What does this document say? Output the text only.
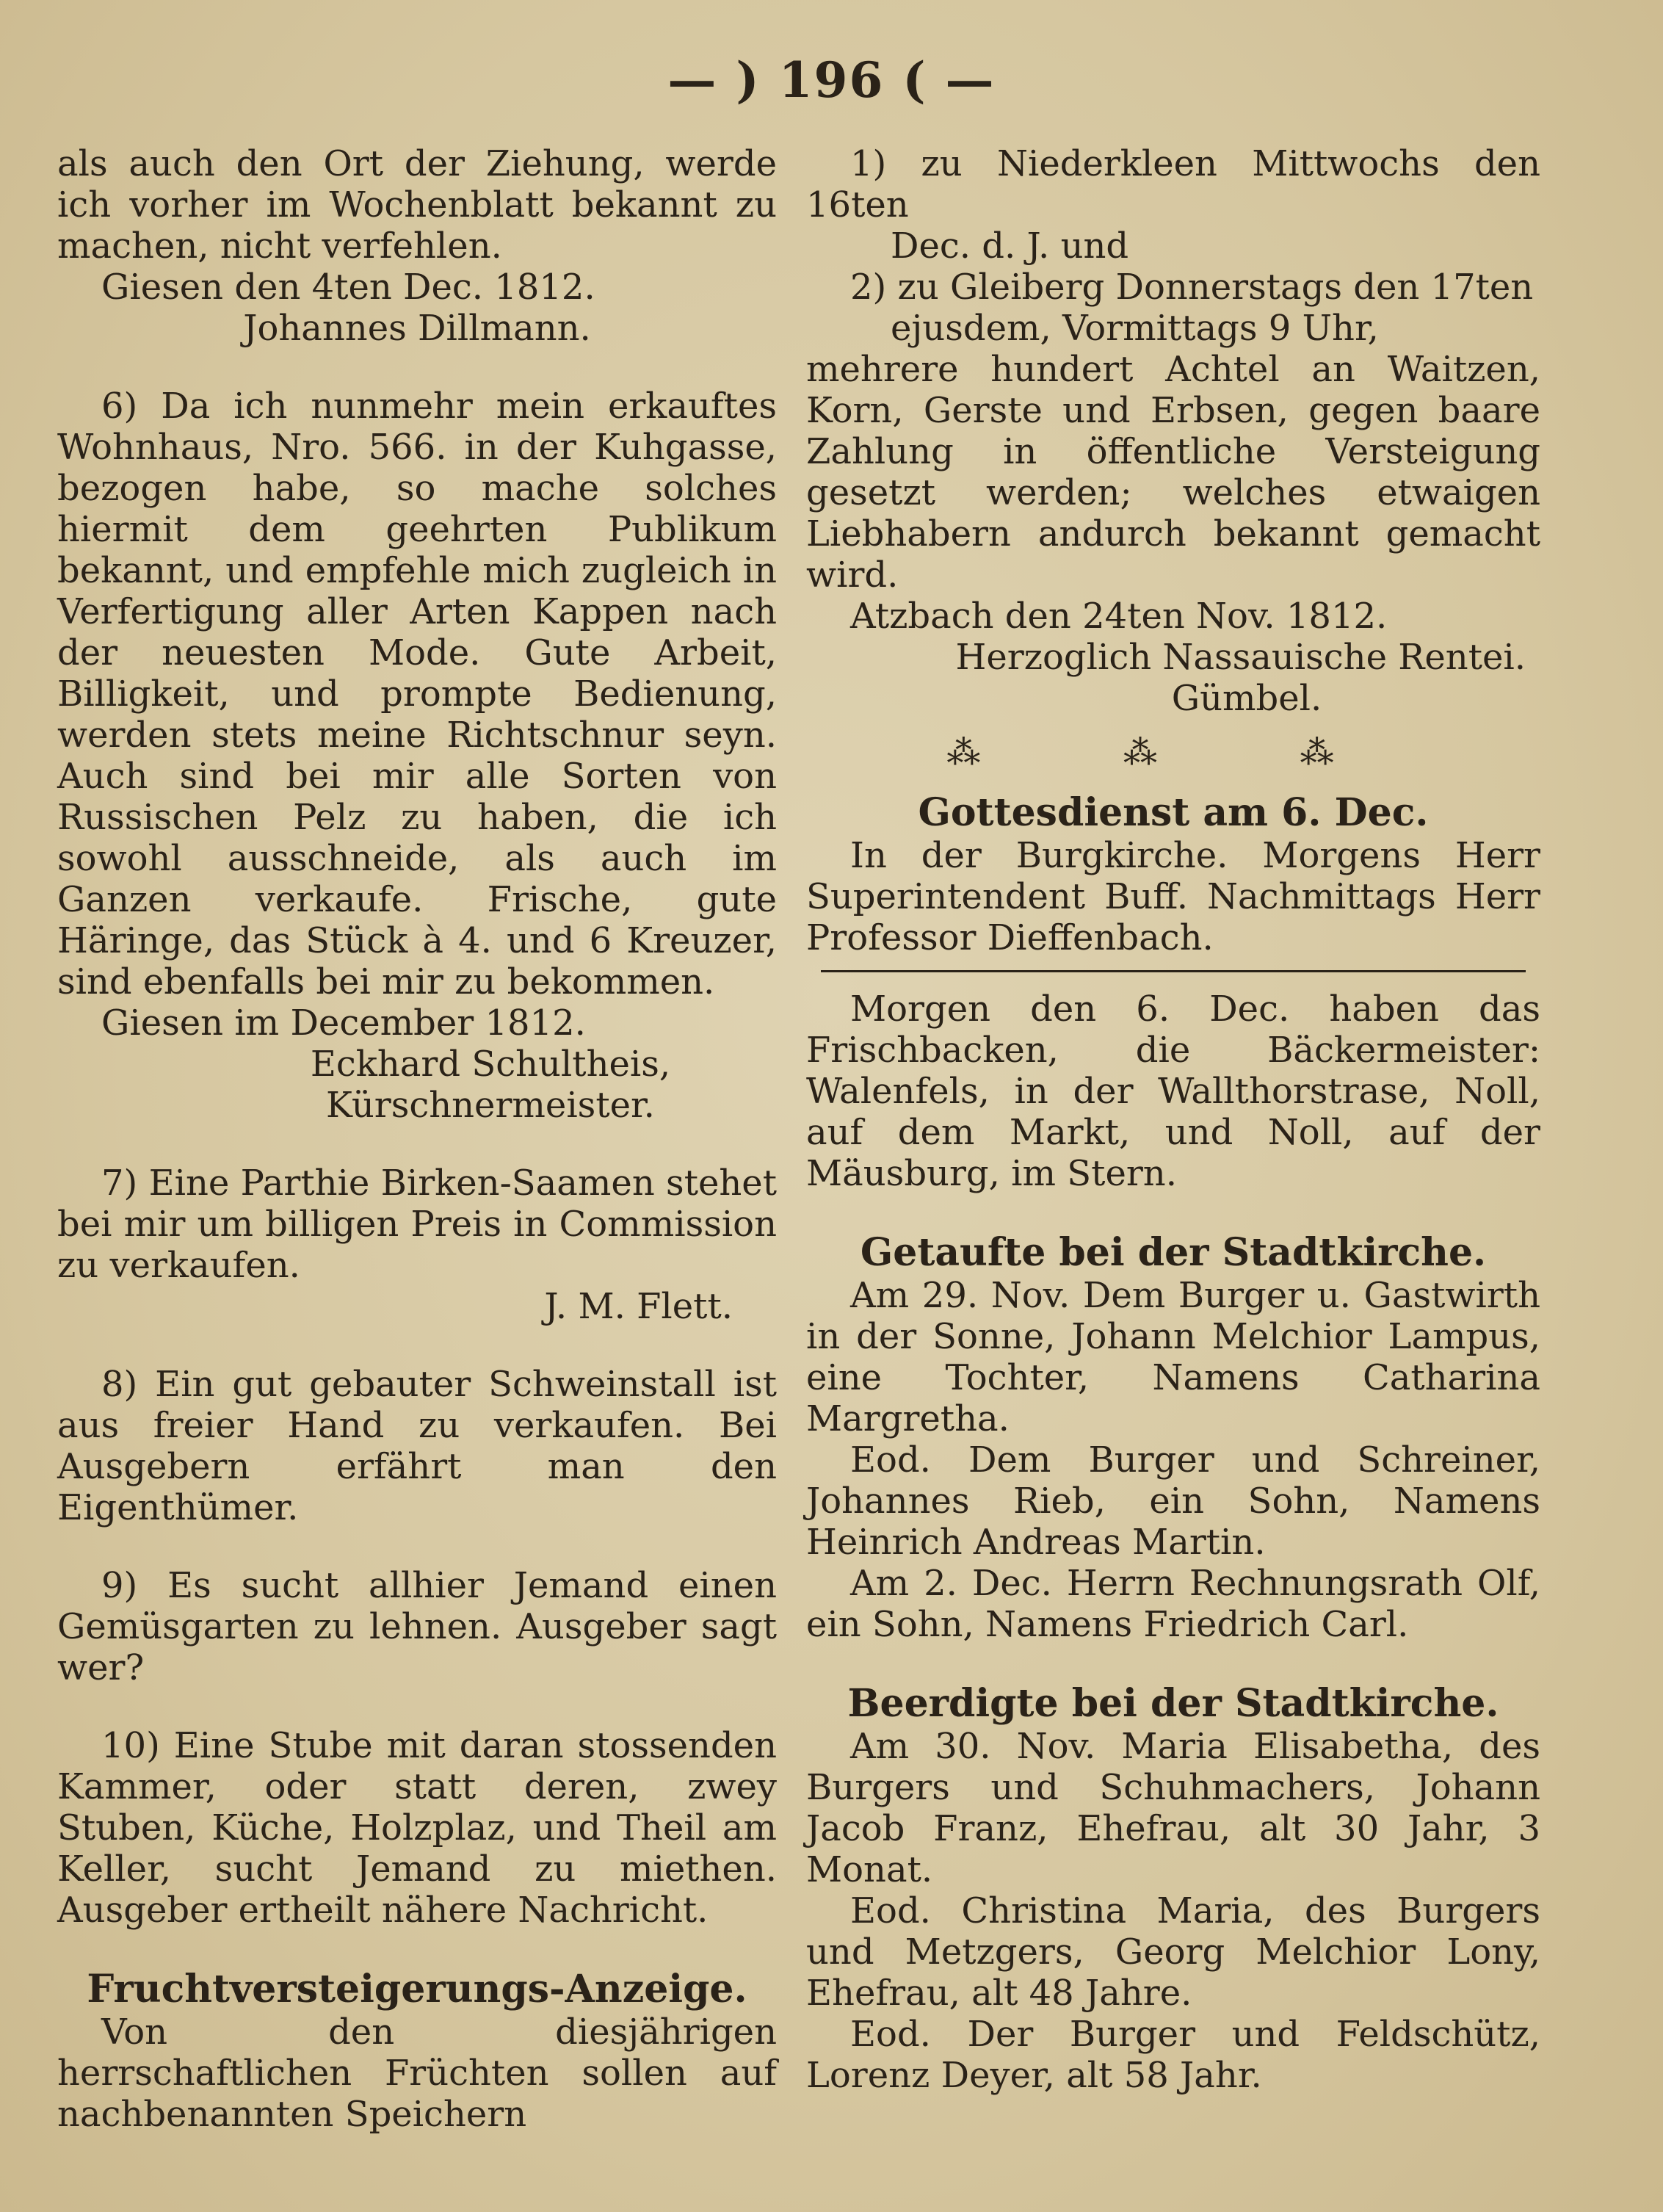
— ) 196 ( —

als auch den Ort der Ziehung, werde ich vorher im Wochenblatt bekannt zu machen, nicht verfehlen.

Giesen den 4ten Dec. 1812.

Johannes Dillmann.

6) Da ich nunmehr mein erkauftes Wohnhaus, Nro. 566. in der Kuhgasse, bezogen habe, so mache solches hiermit dem geehrten Publikum bekannt, und empfehle mich zugleich in Verfertigung aller Arten Kappen nach der neuesten Mode. Gute Arbeit, Billigkeit, und prompte Bedienung, werden stets meine Richtschnur seyn. Auch sind bei mir alle Sorten von Russischen Pelz zu haben, die ich sowohl ausschneide, als auch im Ganzen verkaufe. Frische, gute Häringe, das Stück à 4. und 6 Kreuzer, sind ebenfalls bei mir zu bekommen.

Giesen im December 1812.

Eckhard Schultheis,

Kürschnermeister.

7) Eine Parthie Birken-Saamen stehet bei mir um billigen Preis in Commission zu verkaufen.

J. M. Flett.

8) Ein gut gebauter Schweinstall ist aus freier Hand zu verkaufen. Bei Ausgebern erfährt man den Eigenthümer.

9) Es sucht allhier Jemand einen Gemüsgarten zu lehnen. Ausgeber sagt wer?

10) Eine Stube mit daran stossenden Kammer, oder statt deren, zwey Stuben, Küche, Holzplaz, und Theil am Keller, sucht Jemand zu miethen. Ausgeber ertheilt nähere Nachricht.

Fruchtversteigerungs-Anzeige.

Von den diesjährigen herrschaftlichen Früchten sollen auf nachbenannten Speichern

1) zu Niederkleen Mittwochs den 16ten

Dec. d. J. und

2) zu Gleiberg Donnerstags den 17ten

ejusdem, Vormittags 9 Uhr,

mehrere hundert Achtel an Waitzen, Korn, Gerste und Erbsen, gegen baare Zahlung in öffentliche Versteigung gesetzt werden; welches etwaigen Liebhabern andurch bekannt gemacht wird.

Atzbach den 24ten Nov. 1812.

Herzoglich Nassauische Rentei.

Gümbel.

⁂ ⁂ ⁂

Gottesdienst am 6. Dec.

In der Burgkirche. Morgens Herr Superintendent Buff. Nachmittags Herr Professor Dieffenbach.

Morgen den 6. Dec. haben das Frischbacken, die Bäckermeister: Walenfels, in der Wallthorstrase, Noll, auf dem Markt, und Noll, auf der Mäusburg, im Stern.

Getaufte bei der Stadtkirche.

Am 29. Nov. Dem Burger u. Gastwirth in der Sonne, Johann Melchior Lampus, eine Tochter, Namens Catharina Margretha.

Eod. Dem Burger und Schreiner, Johannes Rieb, ein Sohn, Namens Heinrich Andreas Martin.

Am 2. Dec. Herrn Rechnungsrath Olf, ein Sohn, Namens Friedrich Carl.

Beerdigte bei der Stadtkirche.

Am 30. Nov. Maria Elisabetha, des Burgers und Schuhmachers, Johann Jacob Franz, Ehefrau, alt 30 Jahr, 3 Monat.

Eod. Christina Maria, des Burgers und Metzgers, Georg Melchior Lony, Ehefrau, alt 48 Jahre.

Eod. Der Burger und Feldschütz, Lorenz Deyer, alt 58 Jahr.
